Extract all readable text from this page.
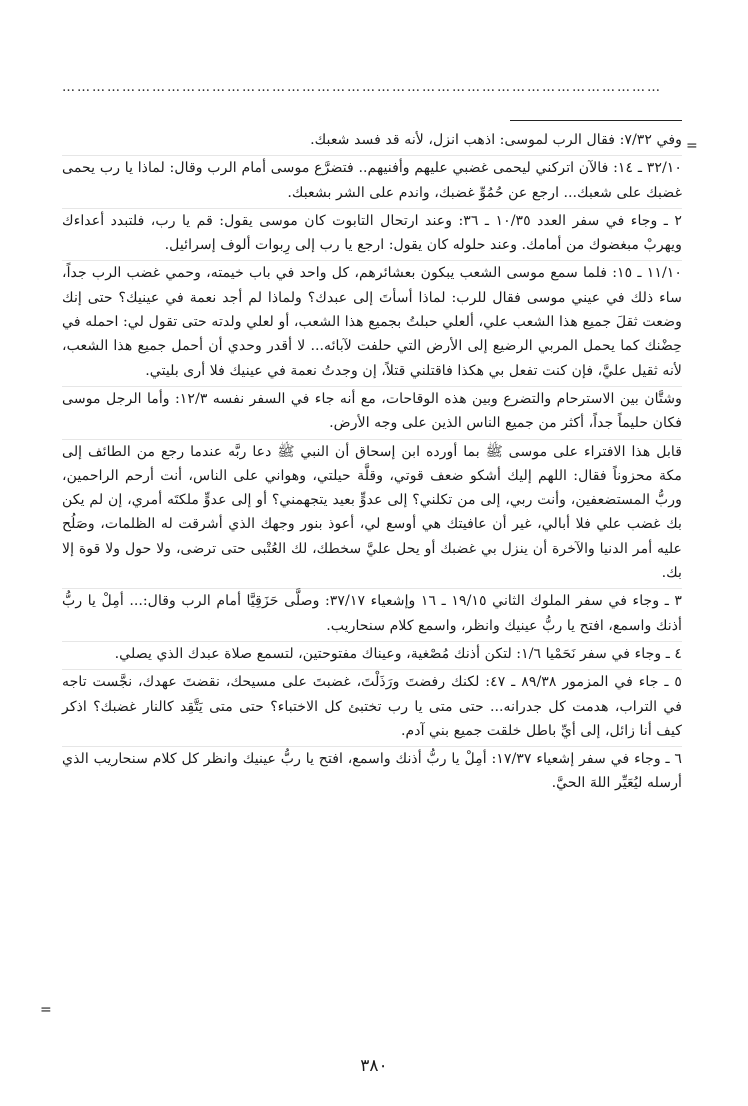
…………………………………………………………………………………………………………
=
=

وفي ٧/٣٢: فقال الرب لموسى: اذهب انزل، لأنه قد فسد شعبك.

٣٢/١٠ ـ ١٤: فالآن اتركني ليحمى غضبي عليهم وأفنيهم.. فتضرَّع موسى أمام الرب وقال: لماذا يا رب يحمى غضبك على شعبك... ارجع عن حُمُوِّ غضبك، واندم على الشر بشعبك.

٢ ـ وجاء في سفر العدد ١٠/٣٥ ـ ٣٦: وعند ارتحال التابوت كان موسى يقول: قم يا رب، فلتبدد أعداءك ويهربْ مبغضوك من أمامك. وعند حلوله كان يقول: ارجع يا رب إلى رِبوات ألوف إسرائيل.

١١/١٠ ـ ١٥: فلما سمع موسى الشعب يبكون بعشائرهم، كل واحد في باب خيمته، وحمي غضب الرب جداً، ساء ذلك في عيني موسى فقال للرب: لماذا أسأتَ إلى عبدك؟ ولماذا لم أجد نعمة في عينيك؟ حتى إنك وضعت ثقلَ جميع هذا الشعب علي، ألعلي حبلتُ بجميع هذا الشعب، أو لعلي ولدته حتى تقول لي: احمله في حِضْنك كما يحمل المربي الرضيع إلى الأرض التي حلفت لآبائه... لا أقدر وحدي أن أحمل جميع هذا الشعب، لأنه ثقيل عليَّ، فإن كنت تفعل بي هكذا فاقتلني قتلاً، إن وجدتُ نعمة في عينيك فلا أرى بليتي.

وشتَّان بين الاسترحام والتضرع وبين هذه الوقاحات، مع أنه جاء في السفر نفسه ١٢/٣: وأما الرجل موسى فكان حليماً جداً، أكثر من جميع الناس الذين على وجه الأرض.

قابل هذا الافتراء على موسى ﷺ بما أورده ابن إسحاق أن النبي ﷺ دعا ربَّه عندما رجع من الطائف إلى مكة محزوناً فقال: اللهم إليك أشكو ضعف قوتي، وقلَّة حيلتي، وهواني على الناس، أنت أرحم الراحمين، وربُّ المستضعفين، وأنت ربي، إلى من تكلني؟ إلى عدوٍّ بعيد يتجهمني؟ أو إلى عدوٍّ ملكتَه أمري، إن لم يكن بك غضب علي فلا أبالي، غير أن عافيتك هي أوسع لي، أعوذ بنور وجهك الذي أشرقت له الظلمات، وصَلُح عليه أمر الدنيا والآخرة أن ينزل بي غضبك أو يحل عليَّ سخطك، لك العُتْبى حتى ترضى، ولا حول ولا قوة إلا بك.

٣ ـ وجاء في سفر الملوك الثاني ١٩/١٥ ـ ١٦ وإشعياء ٣٧/١٧: وصلَّى حَزَقِيَّا أمام الرب وقال:... أمِلْ يا ربُّ أذنك واسمع، افتح يا ربُّ عينيك وانظر، واسمع كلام سنحاريب.

٤ ـ وجاء في سفر نَحَمْيا ١/٦: لتكن أذنك مُصْغية، وعيناك مفتوحتين، لتسمع صلاة عبدك الذي يصلي.

٥ ـ جاء في المزمور ٨٩/٣٨ ـ ٤٧: لكنك رفضتَ ورَذَلْتَ، غضبتَ على مسيحك، نقضتَ عهدك، نجَّست تاجه في التراب، هدمت كل جدرانه... حتى متى يا رب تختبئ كل الاختباء؟ حتى متى يَتَّقِد كالنار غضبك؟ اذكر كيف أنا زائل، إلى أيِّ باطل خلقت جميع بني آدم.

٦ ـ وجاء في سفر إشعياء ١٧/٣٧: أمِلْ يا ربُّ أذنك واسمع، افتح يا ربُّ عينيك وانظر كل كلام سنحاريب الذي أرسله ليُعَيِّر اللهَ الحيَّ.

٣٨٠
